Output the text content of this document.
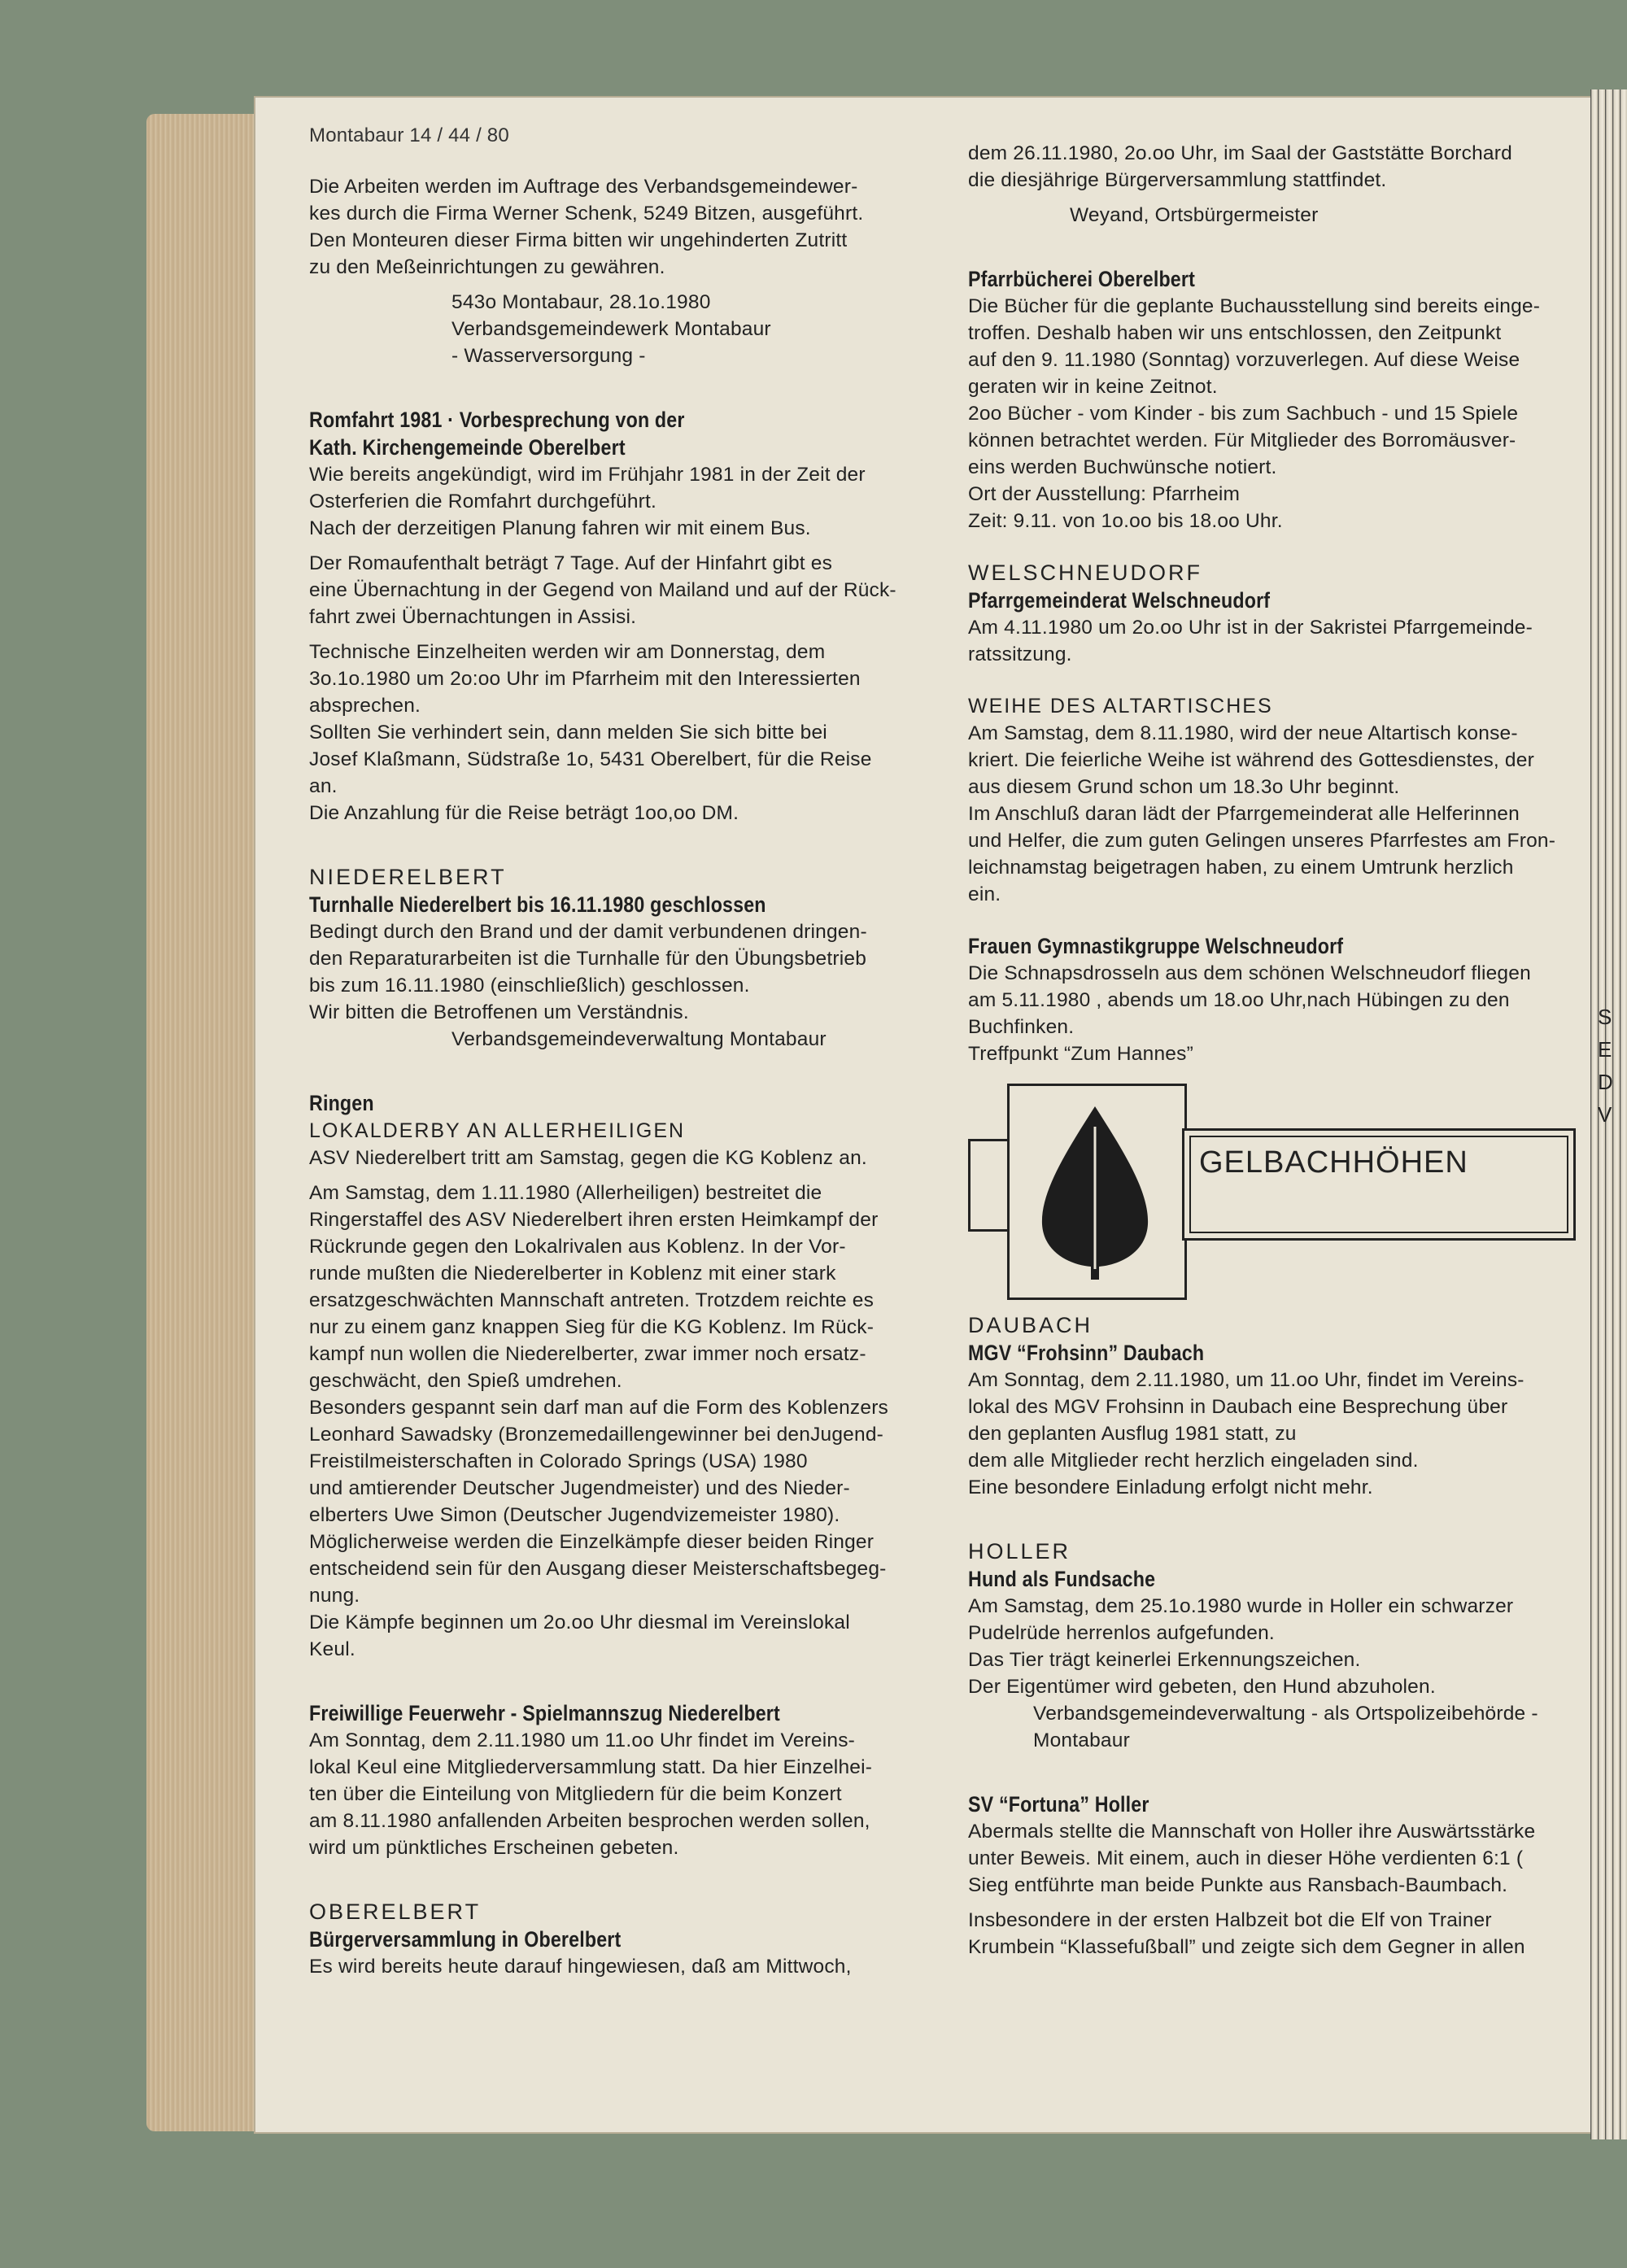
S
E
D
V

Montabaur 14 / 44 / 80

Die Arbeiten werden im Auftrage des Verbandsgemeindewer-

kes durch die Firma Werner Schenk, 5249 Bitzen, ausgeführt.

Den Monteuren dieser Firma bitten wir ungehinderten Zutritt

zu den Meßeinrichtungen zu gewähren.

543o Montabaur, 28.1o.1980

Verbandsgemeindewerk Montabaur

- Wasserversorgung -

Romfahrt 1981 · Vorbesprechung von der

Kath. Kirchengemeinde Oberelbert

Wie bereits angekündigt, wird im Frühjahr 1981 in der Zeit der

Osterferien die Romfahrt durchgeführt.

Nach der derzeitigen Planung fahren wir mit einem Bus.

Der Romaufenthalt beträgt 7 Tage. Auf der Hinfahrt gibt es

eine Übernachtung in der Gegend von Mailand und auf der Rück-

fahrt zwei Übernachtungen in Assisi.

Technische Einzelheiten werden wir am Donnerstag, dem

3o.1o.1980 um 2o:oo Uhr im Pfarrheim mit den Interessierten

absprechen.

Sollten Sie verhindert sein, dann melden Sie sich bitte bei

Josef Klaßmann, Südstraße 1o, 5431 Oberelbert, für die Reise

an.

Die Anzahlung für die Reise beträgt 1oo,oo DM.

NIEDERELBERT

Turnhalle Niederelbert bis 16.11.1980 geschlossen

Bedingt durch den Brand und der damit verbundenen dringen-

den Reparaturarbeiten ist die Turnhalle für den Übungsbetrieb

bis zum 16.11.1980 (einschließlich) geschlossen.

Wir bitten die Betroffenen um Verständnis.

Verbandsgemeindeverwaltung Montabaur

Ringen

LOKALDERBY AN ALLERHEILIGEN

ASV Niederelbert tritt am Samstag, gegen die KG Koblenz an.

Am Samstag, dem 1.11.1980 (Allerheiligen) bestreitet die

Ringerstaffel des ASV Niederelbert ihren ersten Heimkampf der

Rückrunde gegen den Lokalrivalen aus Koblenz. In der Vor-

runde mußten die Niederelberter in Koblenz mit einer stark

ersatzgeschwächten Mannschaft antreten. Trotzdem reichte es

nur zu einem ganz knappen Sieg für die KG Koblenz. Im Rück-

kampf nun wollen die Niederelberter, zwar immer noch ersatz-

geschwächt, den Spieß umdrehen.

Besonders gespannt sein darf man auf die Form des Koblenzers

Leonhard Sawadsky (Bronzemedaillengewinner bei denJugend-

Freistilmeisterschaften in Colorado Springs (USA) 1980

und amtierender Deutscher Jugendmeister) und des Nieder-

elberters Uwe Simon (Deutscher Jugendvizemeister 1980).

Möglicherweise werden die Einzelkämpfe dieser beiden Ringer

entscheidend sein für den Ausgang dieser Meisterschaftsbegeg-

nung.

Die Kämpfe beginnen um 2o.oo Uhr diesmal im Vereinslokal

Keul.

Freiwillige Feuerwehr - Spielmannszug Niederelbert

Am Sonntag, dem 2.11.1980 um 11.oo Uhr findet im Vereins-

lokal Keul eine Mitgliederversammlung statt. Da hier Einzelhei-

ten über die Einteilung von Mitgliedern für die beim Konzert

am 8.11.1980 anfallenden Arbeiten besprochen werden sollen,

wird um pünktliches Erscheinen gebeten.

OBERELBERT

Bürgerversammlung in Oberelbert

Es wird bereits heute darauf hingewiesen, daß am Mittwoch,

dem 26.11.1980, 2o.oo Uhr, im Saal der Gaststätte Borchard

die diesjährige Bürgerversammlung stattfindet.

Weyand, Ortsbürgermeister

Pfarrbücherei Oberelbert

Die Bücher für die geplante Buchausstellung sind bereits einge-

troffen. Deshalb haben wir uns entschlossen, den Zeitpunkt

auf den 9. 11.1980 (Sonntag) vorzuverlegen. Auf diese Weise

geraten wir in keine Zeitnot.

2oo Bücher - vom Kinder - bis zum Sachbuch - und 15 Spiele

können betrachtet werden. Für Mitglieder des Borromäusver-

eins werden Buchwünsche notiert.

Ort der Ausstellung: Pfarrheim

Zeit: 9.11. von 1o.oo bis 18.oo Uhr.

WELSCHNEUDORF

Pfarrgemeinderat Welschneudorf

Am 4.11.1980 um 2o.oo Uhr ist in der Sakristei Pfarrgemeinde-

ratssitzung.

WEIHE DES ALTARTISCHES

Am Samstag, dem 8.11.1980, wird der neue Altartisch konse-

kriert. Die feierliche Weihe ist während des Gottesdienstes, der

aus diesem Grund schon um 18.3o Uhr beginnt.

Im Anschluß daran lädt der Pfarrgemeinderat alle Helferinnen

und Helfer, die zum guten Gelingen unseres Pfarrfestes am Fron-

leichnamstag beigetragen haben, zu einem Umtrunk herzlich

ein.

Frauen Gymnastikgruppe Welschneudorf

Die Schnapsdrosseln aus dem schönen Welschneudorf fliegen

am 5.11.1980 , abends um 18.oo Uhr,nach Hübingen zu den

Buchfinken.

Treffpunkt “Zum Hannes”

GELBACHHÖHEN

DAUBACH

MGV “Frohsinn” Daubach

Am Sonntag, dem 2.11.1980, um 11.oo Uhr, findet im Vereins-

lokal des MGV Frohsinn in Daubach eine Besprechung über

den geplanten Ausflug 1981 statt, zu

dem alle Mitglieder recht herzlich eingeladen sind.

Eine besondere Einladung erfolgt nicht mehr.

HOLLER

Hund als Fundsache

Am Samstag, dem 25.1o.1980 wurde in Holler ein schwarzer

Pudelrüde herrenlos aufgefunden.

Das Tier trägt keinerlei Erkennungszeichen.

Der Eigentümer wird gebeten, den Hund abzuholen.

Verbandsgemeindeverwaltung - als Ortspolizeibehörde -

Montabaur

SV “Fortuna” Holler

Abermals stellte die Mannschaft von Holler ihre Auswärtsstärke

unter Beweis. Mit einem, auch in dieser Höhe verdienten 6:1 (

Sieg entführte man beide Punkte aus Ransbach-Baumbach.

Insbesondere in der ersten Halbzeit bot die Elf von Trainer

Krumbein “Klassefußball” und zeigte sich dem Gegner in allen
